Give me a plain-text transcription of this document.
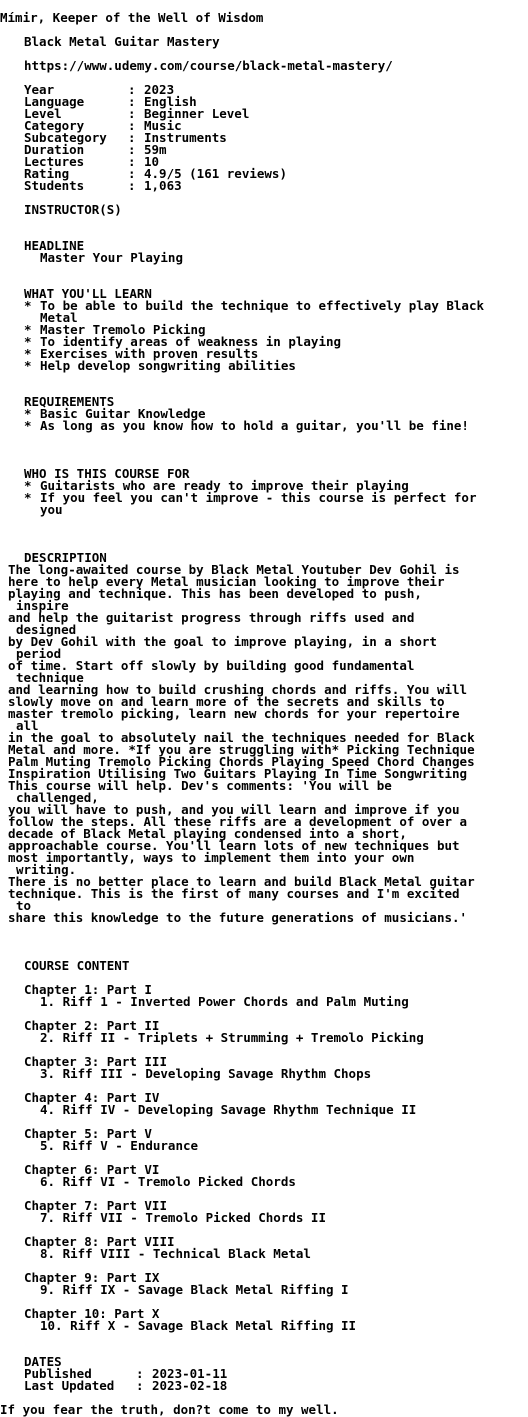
Mímir, Keeper of the Well of Wisdom
Black Metal Guitar Mastery
https://www.udemy.com/course/black-metal-mastery/
Year	: 2023
Language	: English
Level	: Beginner Level
Category	: Music
Subcategory : Instruments
Duration	: 59m
Lectures	: 10
Rating	: 4.9/5 (161 reviews)
Students	: 1,063
INSTRUCTOR(S)
HEADLINE
Master Your Playing
WHAT YOU'LL LEARN
* To be able to build the technique to effectively play Black
Metal
* Master Tremolo Picking
* To identify areas of weakness in playing
* Exercises with proven results
* Help develop songwriting abilities
REQUIREMENTS
* Basic Guitar Knowledge
* As long as you know how to hold a guitar, you'll be fine!
WHO IS THIS COURSE FOR
* Guitarists who are ready to improve their playing
* If you feel you can't improve - this course is perfect for
you
DESCRIPTION
The long-awaited course by Black Metal Youtuber Dev Gohil is
here to help every Metal musician looking to improve their
playing and technique. This has been developed to push,
inspire
and help the guitarist progress through riffs used and
designed
by Dev Gohil with the goal to improve playing, in a short
period
of time. Start off slowly by building good fundamental
technique
and learning how to build crushing chords and riffs. You will
slowly move on and learn more of the secrets and skills to
master tremolo picking, learn new chords for your repertoire
all
in the goal to absolutely nail the techniques needed for Black
Metal and more. *If you are struggling with* Picking Technique
Palm Muting Tremolo Picking Chords Playing Speed Chord Changes
Inspiration Utilising Two Guitars Playing In Time Songwriting
This course will help. Dev's comments: 'You will be
challenged,
you will have to push, and you will learn and improve if you
follow the steps. All these riffs are a development of over a
decade of Black Metal playing condensed into a short,
approachable course. You'll learn lots of new techniques but
most importantly, ways to implement them into your own
writing.
There is no better place to learn and build Black Metal guitar
technique. This is the first of many courses and I'm excited
to
share this knowledge to the future generations of musicians.'
COURSE CONTENT
Chapter 1: Part I
1. Riff 1 - Inverted Power Chords and Palm Muting
Chapter 2: Part II
2. Riff II - Triplets + Strumming + Tremolo Picking
Chapter 3: Part III
3. Riff III - Developing Savage Rhythm Chops
Chapter 4: Part IV
4. Riff IV - Developing Savage Rhythm Technique II
Chapter 5: Part V
5. Riff V - Endurance
Chapter 6: Part VI
6. Riff VI - Tremolo Picked Chords
Chapter 7: Part VII
7. Riff VII - Tremolo Picked Chords II
Chapter 8: Part VIII
8. Riff VIII - Technical Black Metal
Chapter 9: Part IX
9. Riff IX - Savage Black Metal Riffing I
Chapter 10: Part X
10. Riff X - Savage Black Metal Riffing II
DATES
Published	: 2023-01-11
Last Updated : 2023-02-18
If you fear the truth, don?t come to my well.
